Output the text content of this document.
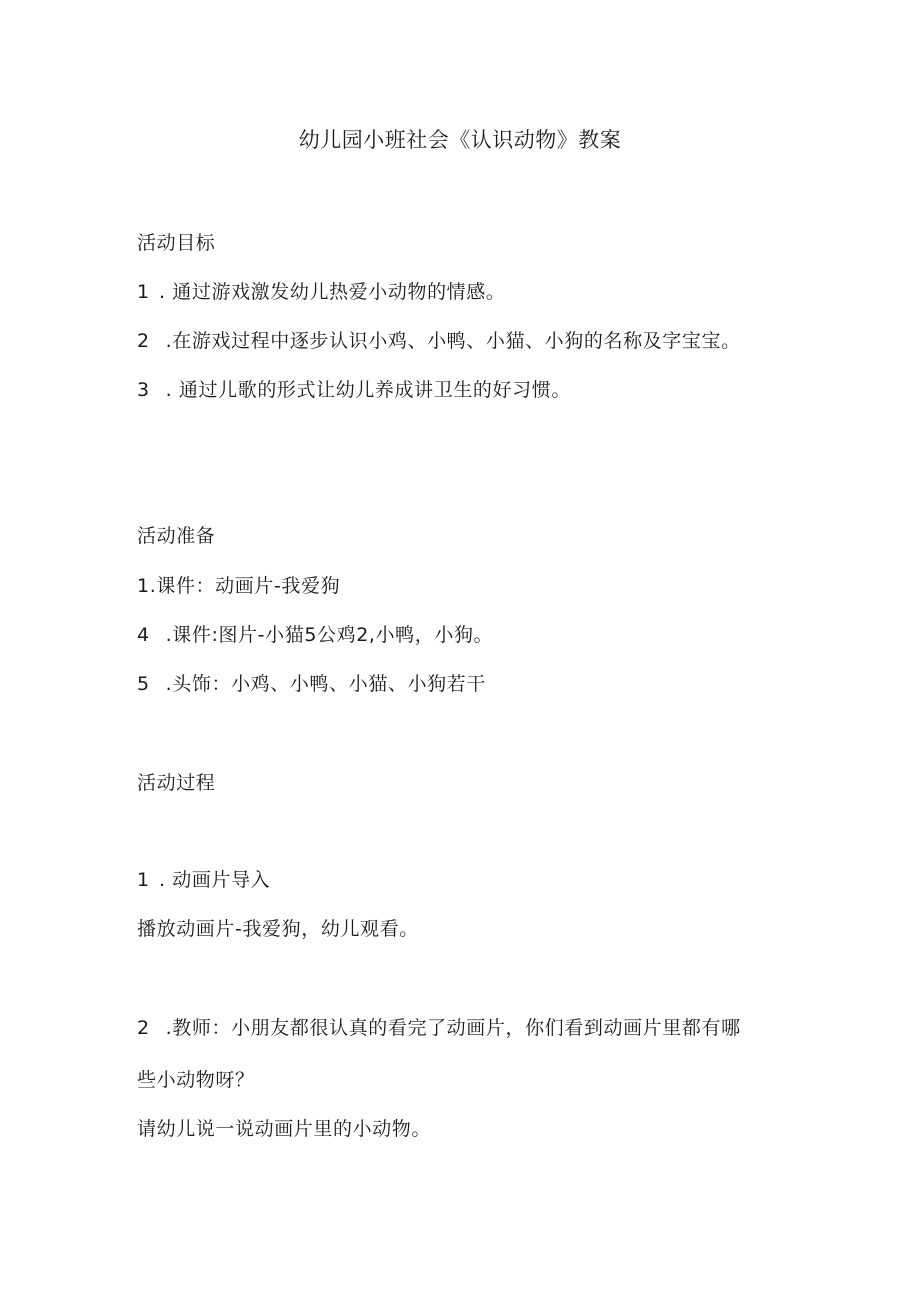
幼儿园小班社会《认识动物》教案
活动目标
1 . 通过游戏激发幼儿热爱小动物的情感。
2 .在游戏过程中逐步认识小鸡、小鸭、小猫、小狗的名称及字宝宝。
3 . 通过儿歌的形式让幼儿养成讲卫生的好习惯。
活动准备
1.课件：动画片-我爱狗
4 .课件:图片-小猫5公鸡2,小鸭，小狗。
5 .头饰：小鸡、小鸭、小猫、小狗若干
活动过程
1 . 动画片导入
播放动画片-我爱狗，幼儿观看。
2 .教师：小朋友都很认真的看完了动画片，你们看到动画片里都有哪
些小动物呀？
请幼儿说一说动画片里的小动物。
